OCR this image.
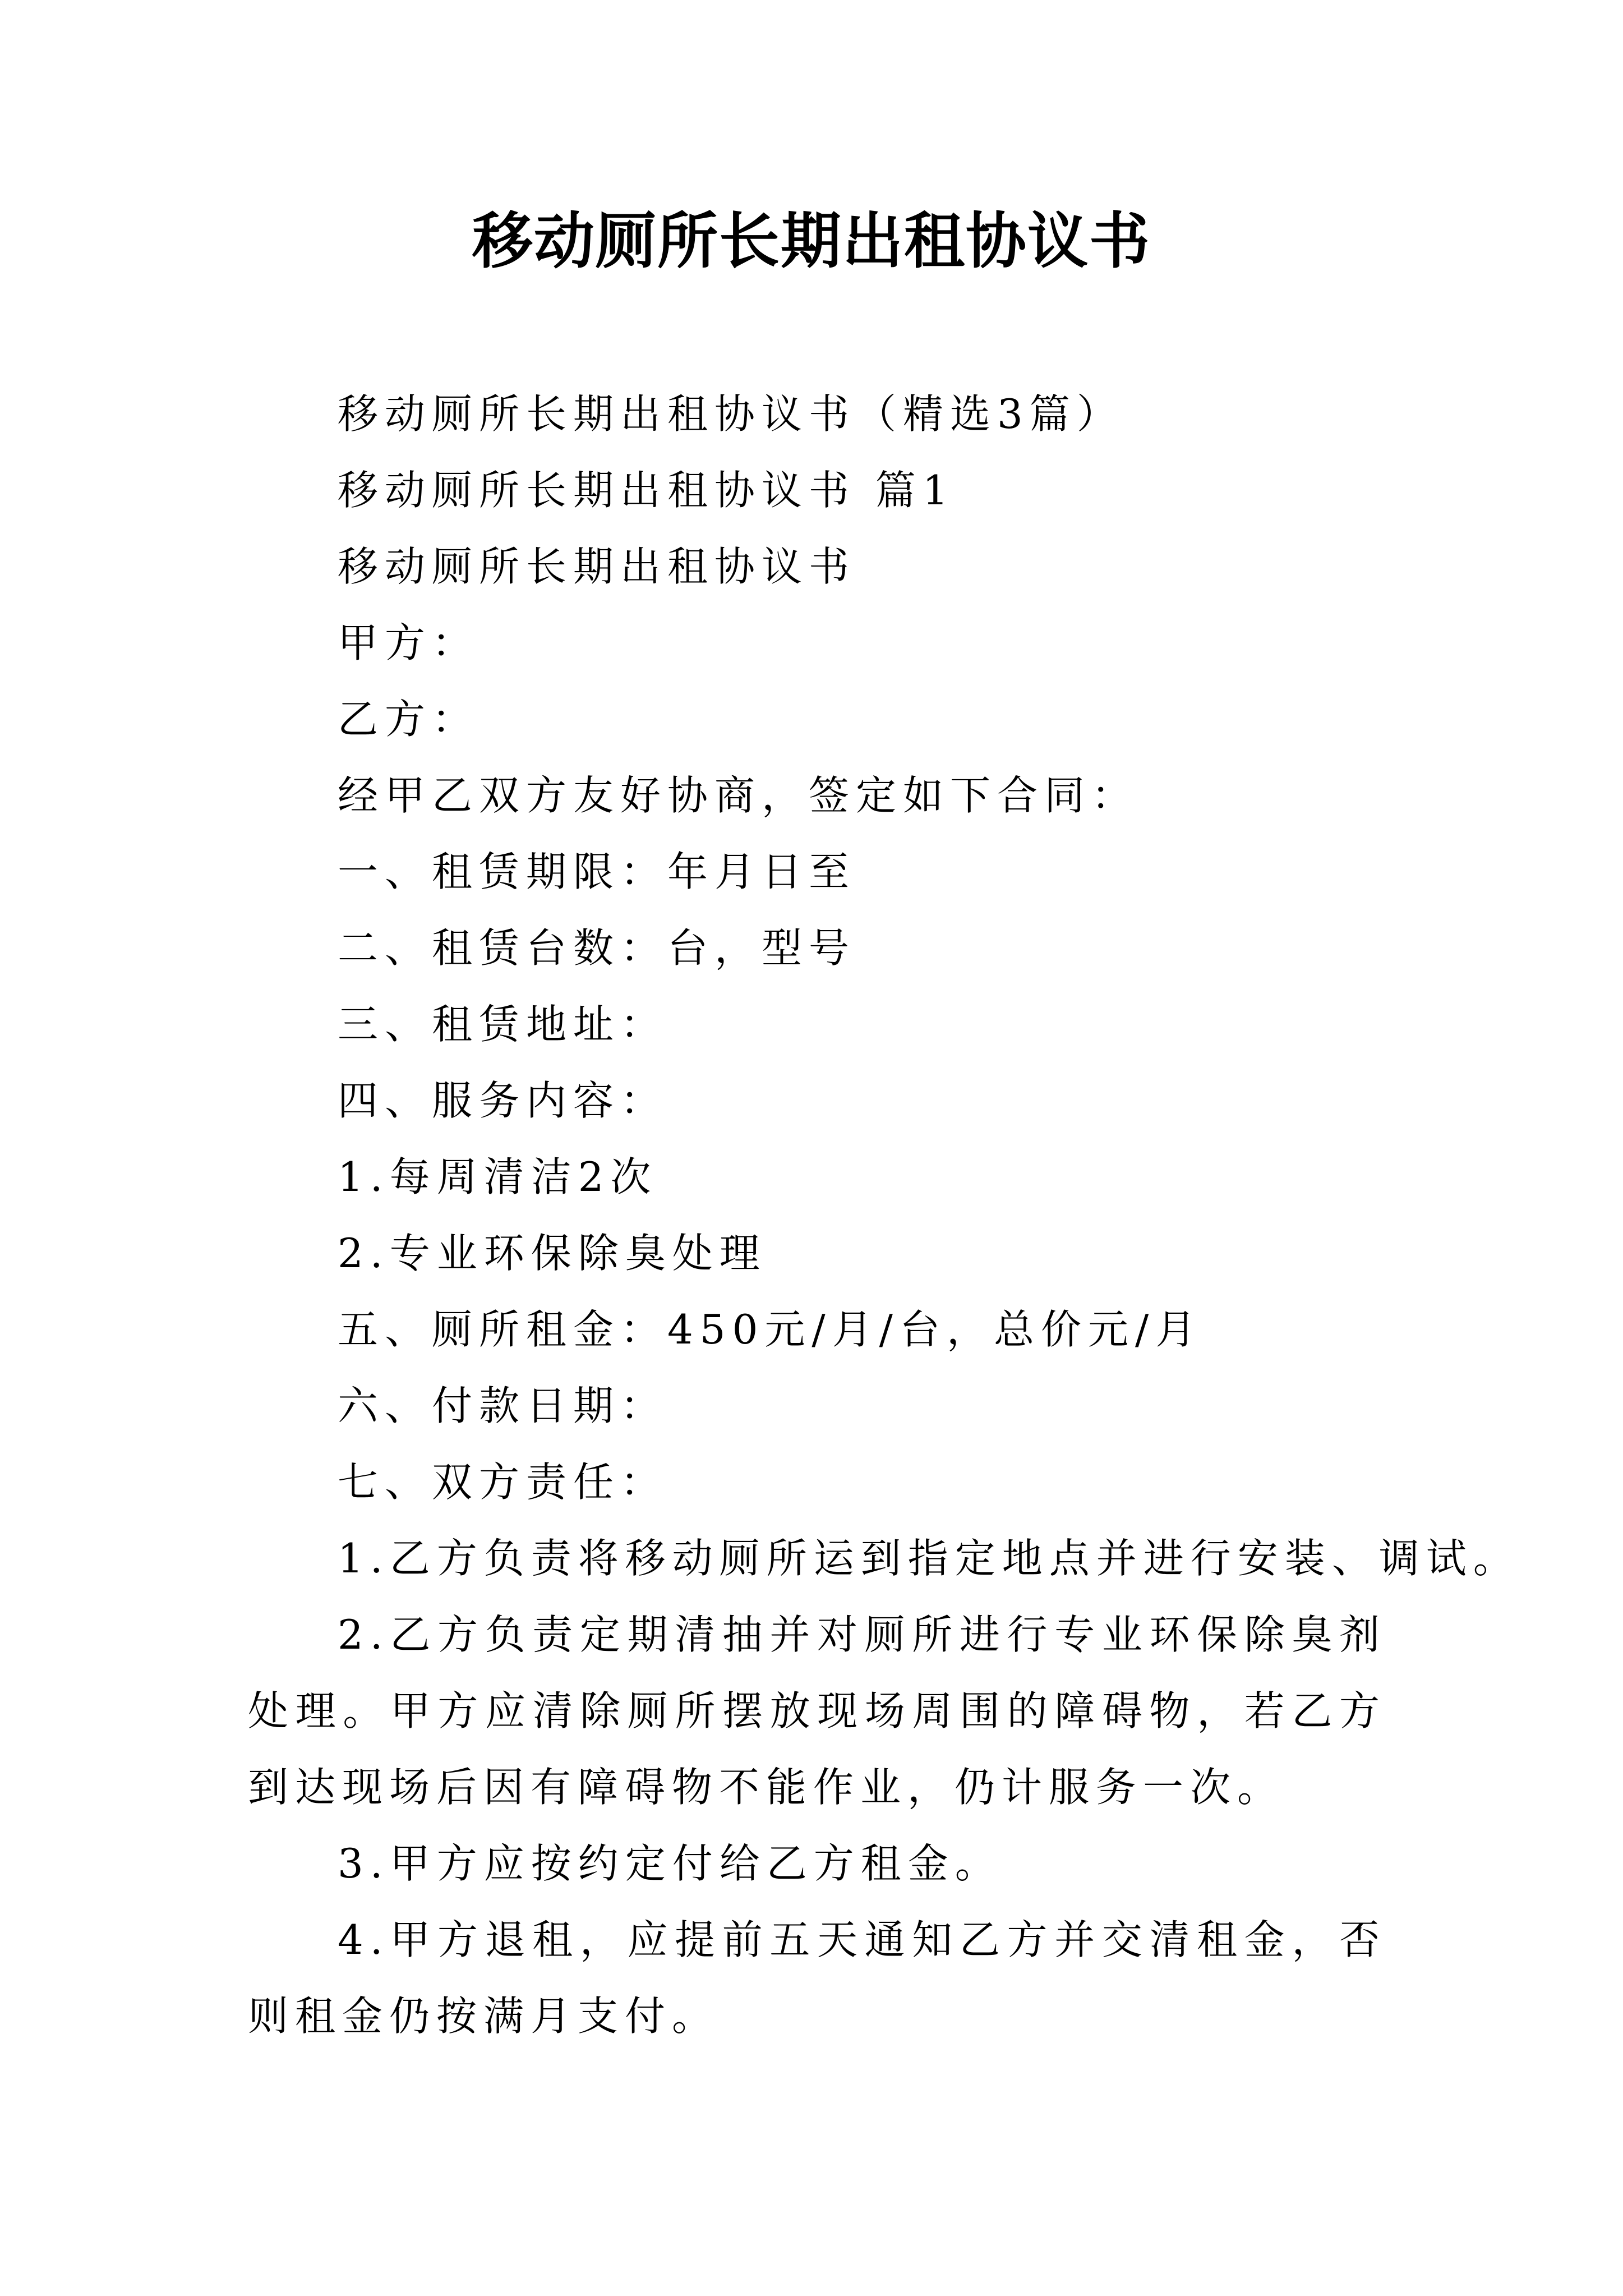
移动厕所长期出租协议书
移动厕所长期出租协议书（精选3篇）
移动厕所长期出租协议书 篇1
移动厕所长期出租协议书
甲方：
乙方：
经甲乙双方友好协商，签定如下合同：
一、租赁期限：年月日至
二、租赁台数：台，型号
三、租赁地址：
四、服务内容：
1.每周清洁2次
2.专业环保除臭处理
五、厕所租金：450元/月/台，总价元/月
六、付款日期：
七、双方责任：
1.乙方负责将移动厕所运到指定地点并进行安装、调试。

2.乙方负责定期清抽并对厕所进行专业环保除臭剂处理。甲方应清除厕所摆放现场周围的障碍物，若乙方到达现场后因有障碍物不能作业，仍计服务一次。

3.甲方应按约定付给乙方租金。

4.甲方退租，应提前五天通知乙方并交清租金，否则租金仍按满月支付。
